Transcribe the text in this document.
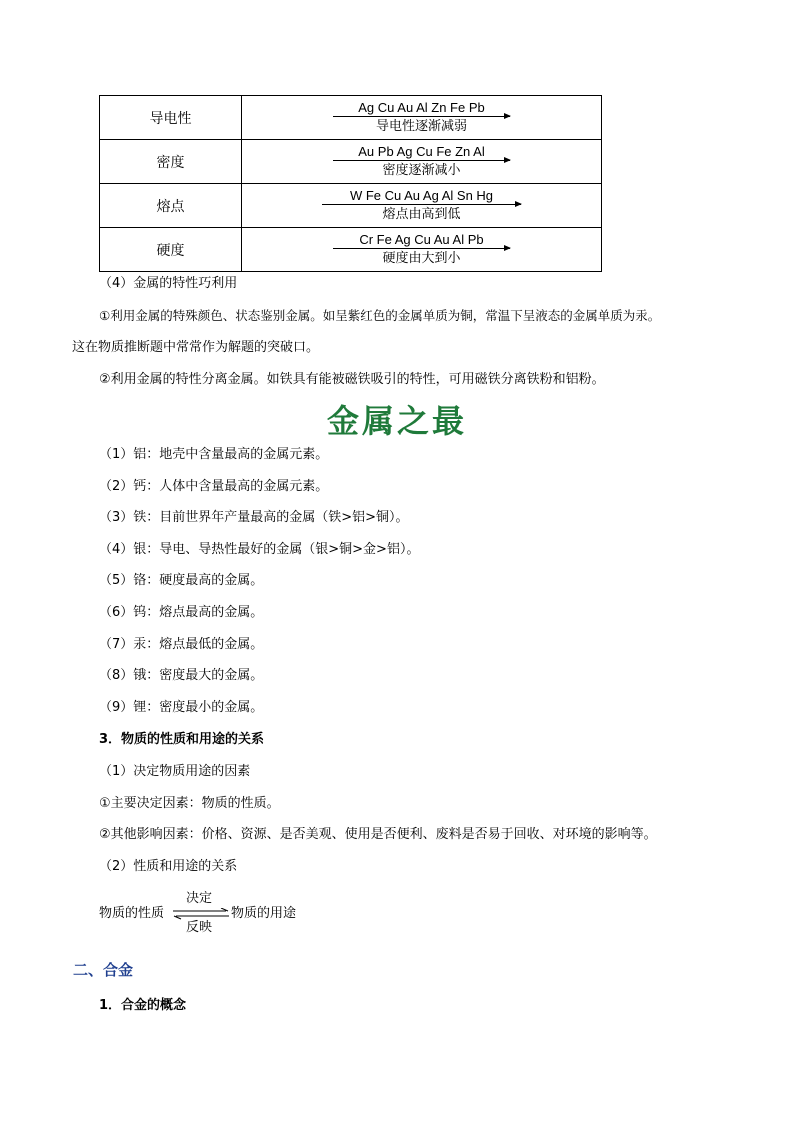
导电性	Ag Cu Au Al Zn Fe Pb
导电性逐渐减弱

密度	Au Pb Ag Cu Fe Zn Al
密度逐渐减小

熔点	W Fe Cu Au Ag Al Sn Hg
熔点由高到低

硬度	Cr Fe Ag Cu Au Al Pb
硬度由大到小
（4）金属的特性巧利用
①利用金属的特殊颜色、状态鉴别金属。如呈紫红色的金属单质为铜，常温下呈液态的金属单质为汞。
这在物质推断题中常常作为解题的突破口。
②利用金属的特性分离金属。如铁具有能被磁铁吸引的特性，可用磁铁分离铁粉和铝粉。
金属之最
（1）铝：地壳中含量最高的金属元素。
（2）钙：人体中含量最高的金属元素。
（3）铁：目前世界年产量最高的金属（铁>铝>铜）。
（4）银：导电、导热性最好的金属（银>铜>金>铝）。
（5）铬：硬度最高的金属。
（6）钨：熔点最高的金属。
（7）汞：熔点最低的金属。
（8）锇：密度最大的金属。
（9）锂：密度最小的金属。
3．物质的性质和用途的关系
（1）决定物质用途的因素
①主要决定因素：物质的性质。
②其他影响因素：价格、资源、是否美观、使用是否便利、废料是否易于回收、对环境的影响等。
（2）性质和用途的关系
物质的性质
决定
反映
物质的用途
二、合金
1．合金的概念
